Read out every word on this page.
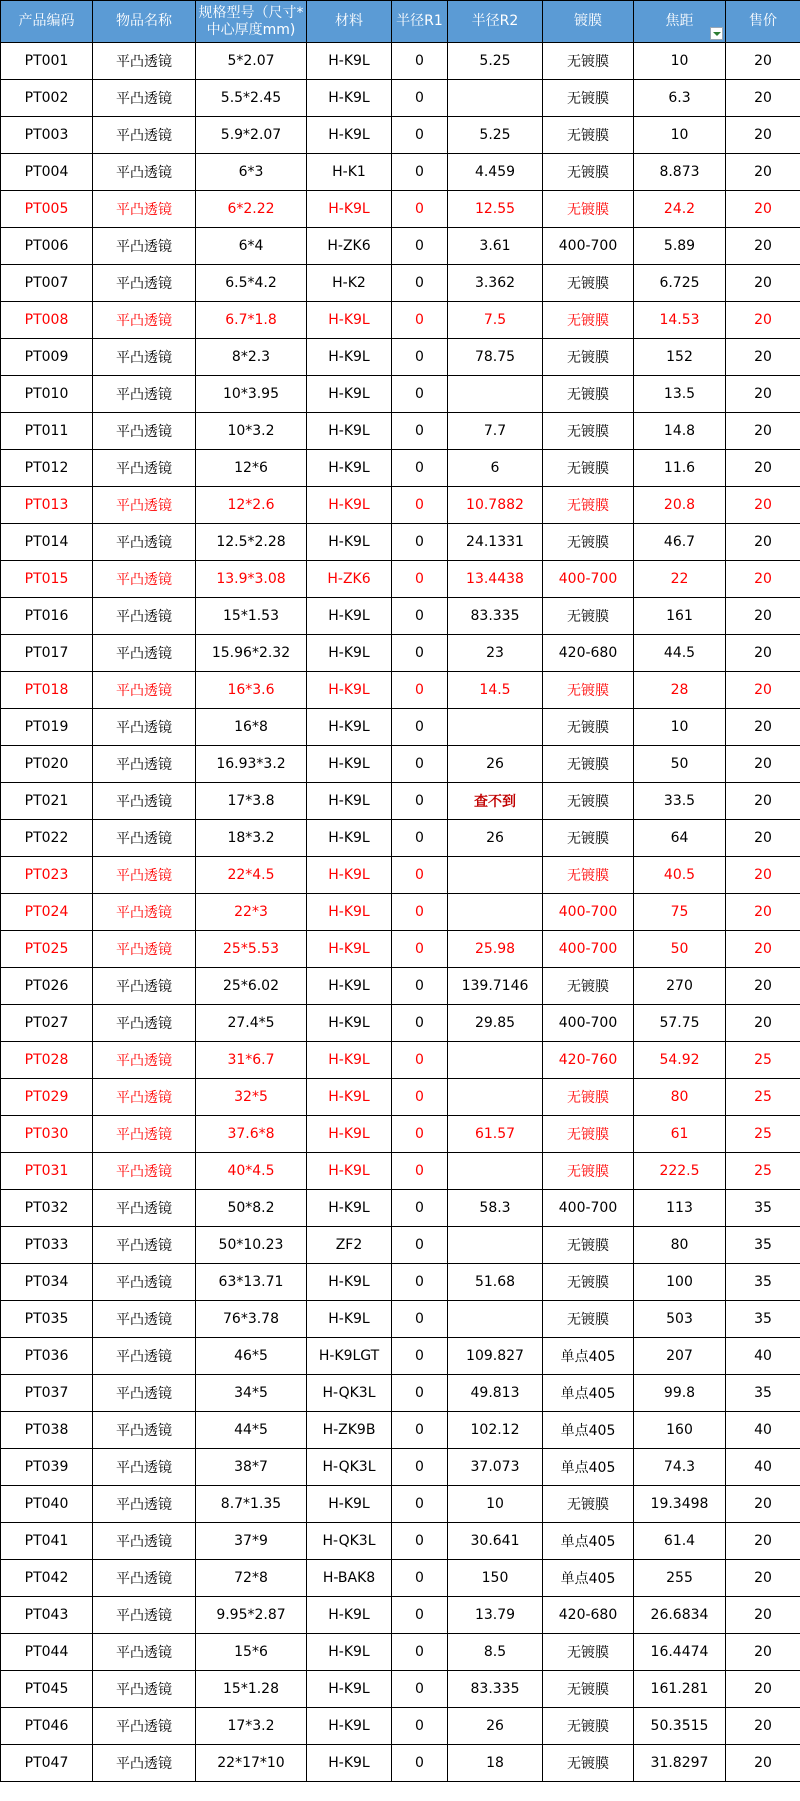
产品编码	物品名称	规格型号（尺寸*中心厚度mm)	材料	半径R1	半径R2	镀膜	焦距	售价
PT001	平凸透镜	5*2.07	H-K9L	0	5.25	无镀膜	10	20
PT002	平凸透镜	5.5*2.45	H-K9L	0		无镀膜	6.3	20
PT003	平凸透镜	5.9*2.07	H-K9L	0	5.25	无镀膜	10	20
PT004	平凸透镜	6*3	H-K1	0	4.459	无镀膜	8.873	20
PT005	平凸透镜	6*2.22	H-K9L	0	12.55	无镀膜	24.2	20
PT006	平凸透镜	6*4	H-ZK6	0	3.61	400-700	5.89	20
PT007	平凸透镜	6.5*4.2	H-K2	0	3.362	无镀膜	6.725	20
PT008	平凸透镜	6.7*1.8	H-K9L	0	7.5	无镀膜	14.53	20
PT009	平凸透镜	8*2.3	H-K9L	0	78.75	无镀膜	152	20
PT010	平凸透镜	10*3.95	H-K9L	0		无镀膜	13.5	20
PT011	平凸透镜	10*3.2	H-K9L	0	7.7	无镀膜	14.8	20
PT012	平凸透镜	12*6	H-K9L	0	6	无镀膜	11.6	20
PT013	平凸透镜	12*2.6	H-K9L	0	10.7882	无镀膜	20.8	20
PT014	平凸透镜	12.5*2.28	H-K9L	0	24.1331	无镀膜	46.7	20
PT015	平凸透镜	13.9*3.08	H-ZK6	0	13.4438	400-700	22	20
PT016	平凸透镜	15*1.53	H-K9L	0	83.335	无镀膜	161	20
PT017	平凸透镜	15.96*2.32	H-K9L	0	23	420-680	44.5	20
PT018	平凸透镜	16*3.6	H-K9L	0	14.5	无镀膜	28	20
PT019	平凸透镜	16*8	H-K9L	0		无镀膜	10	20
PT020	平凸透镜	16.93*3.2	H-K9L	0	26	无镀膜	50	20
PT021	平凸透镜	17*3.8	H-K9L	0	查不到	无镀膜	33.5	20
PT022	平凸透镜	18*3.2	H-K9L	0	26	无镀膜	64	20
PT023	平凸透镜	22*4.5	H-K9L	0		无镀膜	40.5	20
PT024	平凸透镜	22*3	H-K9L	0		400-700	75	20
PT025	平凸透镜	25*5.53	H-K9L	0	25.98	400-700	50	20
PT026	平凸透镜	25*6.02	H-K9L	0	139.7146	无镀膜	270	20
PT027	平凸透镜	27.4*5	H-K9L	0	29.85	400-700	57.75	20
PT028	平凸透镜	31*6.7	H-K9L	0		420-760	54.92	25
PT029	平凸透镜	32*5	H-K9L	0		无镀膜	80	25
PT030	平凸透镜	37.6*8	H-K9L	0	61.57	无镀膜	61	25
PT031	平凸透镜	40*4.5	H-K9L	0		无镀膜	222.5	25
PT032	平凸透镜	50*8.2	H-K9L	0	58.3	400-700	113	35
PT033	平凸透镜	50*10.23	ZF2	0		无镀膜	80	35
PT034	平凸透镜	63*13.71	H-K9L	0	51.68	无镀膜	100	35
PT035	平凸透镜	76*3.78	H-K9L	0		无镀膜	503	35
PT036	平凸透镜	46*5	H-K9LGT	0	109.827	单点405	207	40
PT037	平凸透镜	34*5	H-QK3L	0	49.813	单点405	99.8	35
PT038	平凸透镜	44*5	H-ZK9B	0	102.12	单点405	160	40
PT039	平凸透镜	38*7	H-QK3L	0	37.073	单点405	74.3	40
PT040	平凸透镜	8.7*1.35	H-K9L	0	10	无镀膜	19.3498	20
PT041	平凸透镜	37*9	H-QK3L	0	30.641	单点405	61.4	20
PT042	平凸透镜	72*8	H-BAK8	0	150	单点405	255	20
PT043	平凸透镜	9.95*2.87	H-K9L	0	13.79	420-680	26.6834	20
PT044	平凸透镜	15*6	H-K9L	0	8.5	无镀膜	16.4474	20
PT045	平凸透镜	15*1.28	H-K9L	0	83.335	无镀膜	161.281	20
PT046	平凸透镜	17*3.2	H-K9L	0	26	无镀膜	50.3515	20
PT047	平凸透镜	22*17*10	H-K9L	0	18	无镀膜	31.8297	20
